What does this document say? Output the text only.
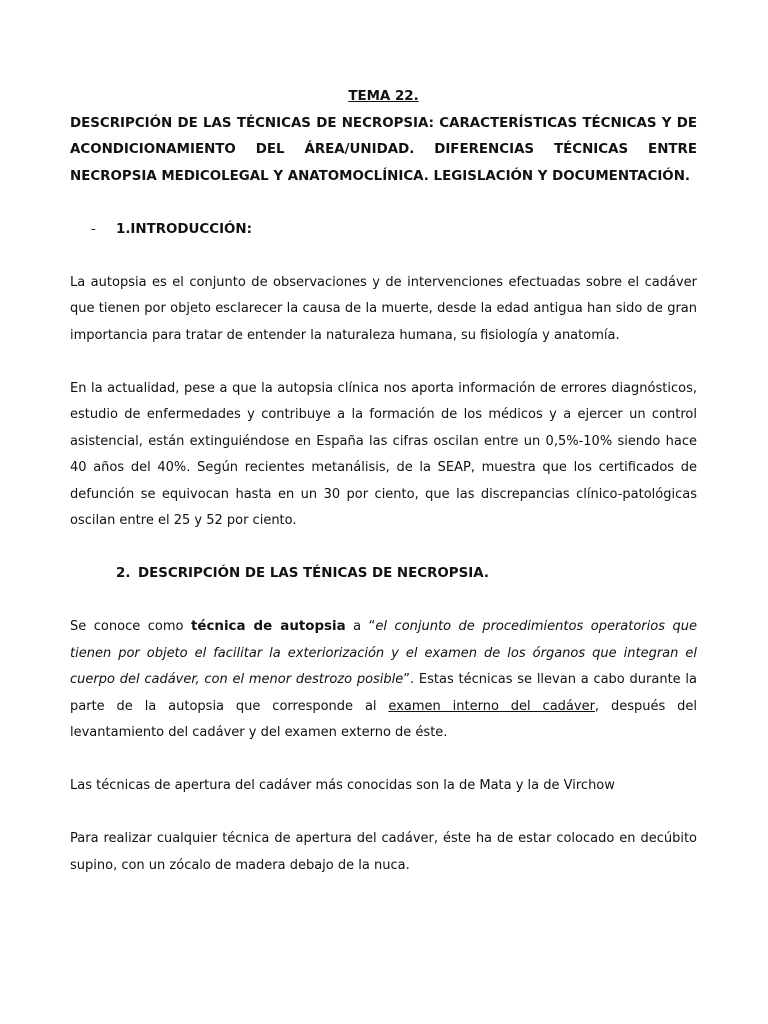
TEMA 22.

DESCRIPCIÓN DE LAS TÉCNICAS DE NECROPSIA: CARACTERÍSTICAS TÉCNICAS Y DE ACONDICIONAMIENTO DEL ÁREA/UNIDAD. DIFERENCIAS TÉCNICAS ENTRE NECROPSIA MEDICOLEGAL Y ANATOMOCLÍNICA. LEGISLACIÓN Y DOCUMENTACIÓN.

- 1.INTRODUCCIÓN:

La autopsia es el conjunto de observaciones y de intervenciones efectuadas sobre el cadáver que tienen por objeto esclarecer la causa de la muerte, desde la edad antigua han sido de gran importancia para tratar de entender la naturaleza humana, su fisiología y anatomía.

En la actualidad, pese a que la autopsia clínica nos aporta información de errores diagnósticos, estudio de enfermedades y contribuye a la formación de los médicos y a ejercer un control asistencial, están extinguiéndose en España las cifras oscilan entre un 0,5%-10% siendo hace 40 años del 40%. Según recientes metanálisis, de la SEAP, muestra que los certificados de defunción se equivocan hasta en un 30 por ciento, que las discrepancias clínico-patológicas oscilan entre el 25 y 52 por ciento.

2. DESCRIPCIÓN DE LAS TÉNICAS DE NECROPSIA.

Se conoce como técnica de autopsia a “el conjunto de procedimientos operatorios que tienen por objeto el facilitar la exteriorización y el examen de los órganos que integran el cuerpo del cadáver, con el menor destrozo posible”. Estas técnicas se llevan a cabo durante la parte de la autopsia que corresponde al examen interno del cadáver, después del levantamiento del cadáver y del examen externo de éste.

Las técnicas de apertura del cadáver más conocidas son la de Mata y la de Virchow

Para realizar cualquier técnica de apertura del cadáver, éste ha de estar colocado en decúbito supino, con un zócalo de madera debajo de la nuca.
